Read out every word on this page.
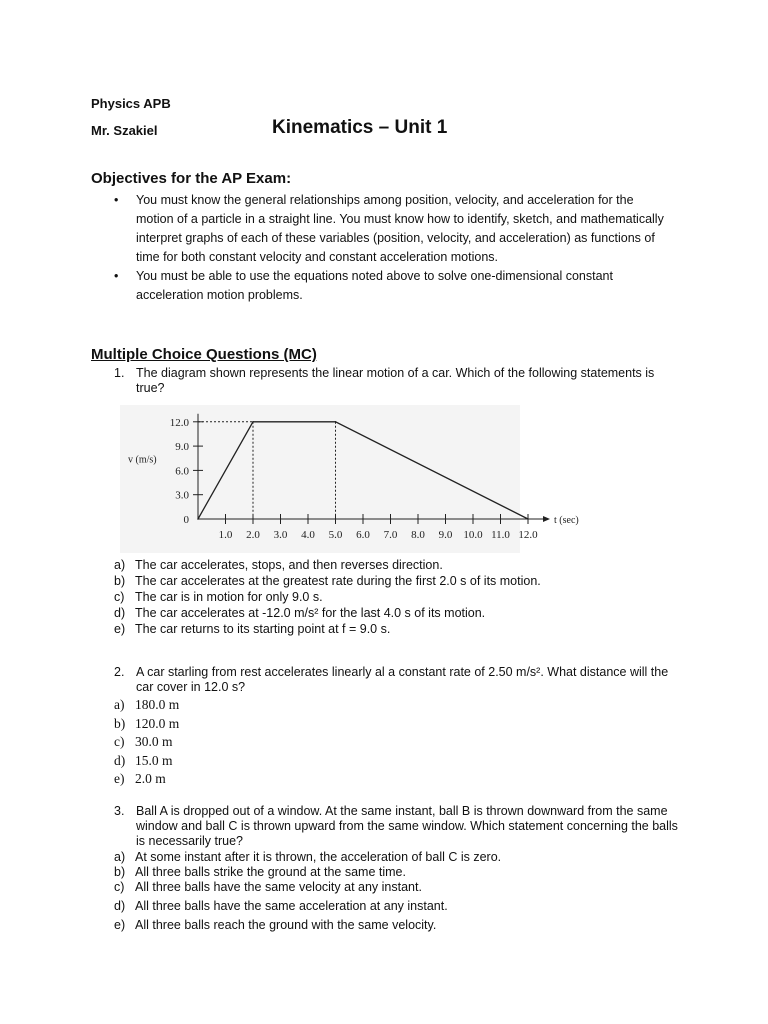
Physics APB
Mr. Szakiel	Kinematics – Unit 1
Objectives for the AP Exam:
• You must know the general relationships among position, velocity, and acceleration for the motion of a particle in a straight line. You must know how to identify, sketch, and mathematically interpret graphs of each of these variables (position, velocity, and acceleration) as functions of time for both constant velocity and constant acceleration motions.
• You must be able to use the equations noted above to solve one-dimensional constant acceleration motion problems.
Multiple Choice Questions (MC)
1. The diagram shown represents the linear motion of a car. Which of the following statements is true?
1.0 2.0 3.0 4.0 5.0 6.0 7.0 8.0 9.0 10.0 11.0 12.0
0
3.0
6.0
9.0
12.0
t (sec)
v (m/s)
a) The car accelerates, stops, and then reverses direction.
b) The car accelerates at the greatest rate during the first 2.0 s of its motion.
c) The car is in motion for only 9.0 s.
d) The car accelerates at -12.0 m/s² for the last 4.0 s of its motion.
e) The car returns to its starting point at f = 9.0 s.
2. A car starling from rest accelerates linearly al a constant rate of 2.50 m/s². What distance will the car cover in 12.0 s?
a) 180.0 m
b) 120.0 m
c) 30.0 m
d) 15.0 m
e) 2.0 m
3. Ball A is dropped out of a window. At the same instant, ball B is thrown downward from the same window and ball C is thrown upward from the same window. Which statement concerning the balls is necessarily true?
a) At some instant after it is thrown, the acceleration of ball C is zero.
b) All three balls strike the ground at the same time.
c) All three balls have the same velocity at any instant.
d) All three balls have the same acceleration at any instant.
e) All three balls reach the ground with the same velocity.
